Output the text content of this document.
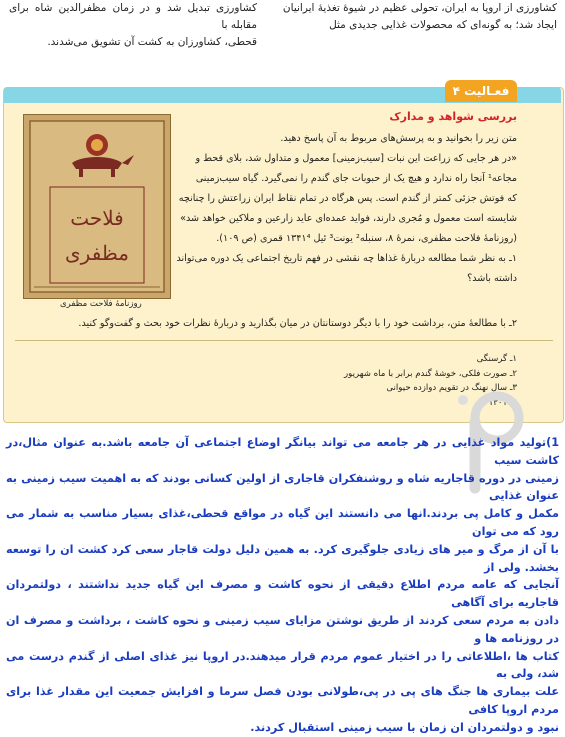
کشاورزی از اروپا به ایران، تحولی عظیم در شیوهٔ تغذیهٔ ایرانیان
ایجاد شد؛ به گونه‌ای که محصولات غذایی جدیدی مثل
کشاورزی تبدیل شد و در زمان مظفرالدین شاه برای مقابله با
قحطی، کشاورزان به کشت آن تشویق می‌شدند.
فعـالیت ۴
بررسی شواهد و مدارک

متن زیر را بخوانید و به پرسش‌های مربوط به آن پاسخ دهید.

«در هر جایی که زراعت این نبات [سیب‌زمینی] معمول و متداول شد، بلای قحط و

مجاعه¹ آنجا راه ندارد و هیچ یک از حبوبات جای گندم را نمی‌گیرد. گیاه سیب‌زمینی

که فوتش جزئی کمتر از گندم است. پس هرگاه در تمام نقاط ایران زراعتش را چنانچه

شایسته است معمول و مُجری دارند، فواید عمده‌ای عاید زارعین و ملاکین خواهد شد»

(روزنامهٔ فلاحت مظفری، نمرهٔ ۸، سنبله² یونت³ ئیل ۱۳۴۱⁴ قمری (ص ۱۰۹).

۱ـ به نظر شما مطالعه دربارهٔ غذاها چه نقشی در فهم تاریخ اجتماعی یک دوره می‌تواند

داشته باشد؟

فلاحت
مظفری
روزنامهٔ فلاحت مظفری
۲ـ با مطالعهٔ متن، برداشت خود را با دیگر دوستانتان در میان بگذارید و دربارهٔ نظرات خود بحث و گفت‌وگو کنید.
۱ـ گرسنگی
۲ـ صورت فلکی، خوشهٔ گندم برابر با ماه شهریور
۳ـ سال نهنگ در تقویم دوازده حیوانی
۴ـ ۱۳۰۱ ق

1)تولید مواد غذایی در هر جامعه می تواند بیانگر اوضاع اجتماعی آن جامعه باشد.به عنوان مثال،در کاشت سیب

زمینی در دوره قاجاریه شاه و روشنفکران قاجاری از اولین کسانی بودند که به اهمیت سیب زمینی به عنوان غذایی

مکمل و کامل پی بردند.انها می دانستند این گیاه در مواقع قحطی،غذای بسیار مناسب به شمار می رود که می توان

با آن از مرگ و میر های زیادی جلوگیری کرد. به همین دلیل دولت قاجار سعی کرد کشت ان را توسعه بخشد. ولی از

آنجایی که عامه مردم اطلاع دقیقی از نحوه کاشت و مصرف این گیاه جدید نداشتند ، دولتمردان قاجاریه برای آگاهی

دادن به مردم سعی کردند از طریق نوشتن مزایای سیب زمینی و نحوه کاشت ، برداشت و مصرف ان در روزنامه ها و

کتاب ها ،اطلاعاتی را در اختیار عموم مردم قرار میدهند.در اروپا نیز غذای اصلی از گندم درست می شد، ولی به

علت بیماری ها جنگ های پی در پی،طولانی بودن فصل سرما و افزایش جمعیت این مقدار غذا برای مردم اروپا کافی

نبود و دولتمردان ان زمان با سیب زمینی استقبال کردند.
